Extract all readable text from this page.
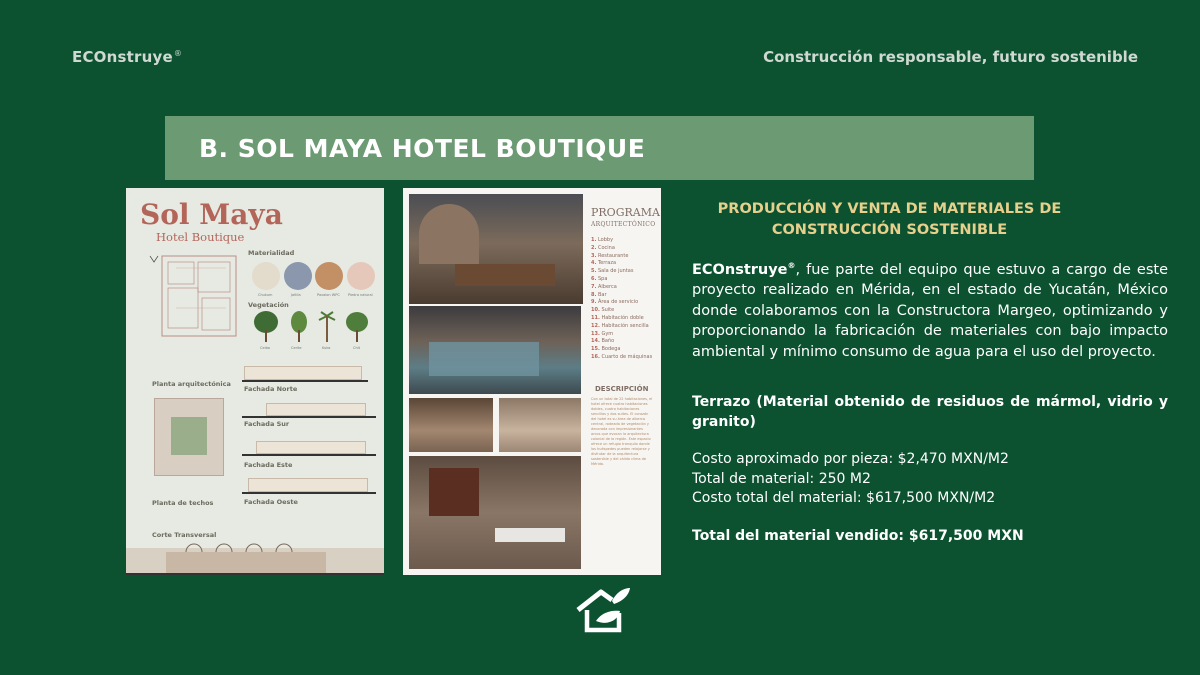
ECOnstruye®	Construcción responsable, futuro sostenible
B. SOL MAYA HOTEL BOUTIQUE
Sol Maya
Hotel Boutique
Materialidad
Chukum	Jaltila	Pavalon WPC Piedra natural
Vegetación
Ceiba	Cerite	Kuka	Chit
Planta arquitectónica
Planta de techos
Fachada Norte
Fachada Sur
Fachada Este
Fachada Oeste
Corte Transversal
PROGRAMA
ARQUITECTÓNICO
1. Lobby
2. Cocina
3. Restaurante
4. Terraza
5. Sala de juntas
6. Spa
7. Alberca
8. Bar
9. Área de servicio
10. Suite
11. Habitación doble
12. Habitación sencilla
13. Gym
14. Baño
15. Bodega
16. Cuarto de máquinas
DESCRIPCIÓN
Con un total de 22 habitaciones, el hotel ofrece cuatro habitaciones dobles, cuatro habitaciones sencillas y dos suites. El corazón del hotel es su área de alberca central, rodeada de vegetación y decorada con impresionantes arcos que evocan la arquitectura colonial de la región. Este espacio ofrece un refugio tranquilo donde los huéspedes pueden relajarse y disfrutar de la arquitectura sostenible y del cálido clima de Mérida.
PRODUCCIÓN Y VENTA DE MATERIALES DE CONSTRUCCIÓN SOSTENIBLE
ECOnstruye®, fue parte del equipo que estuvo a cargo de este proyecto realizado en Mérida, en el estado de Yucatán, México donde colaboramos con la Constructora Margeo, optimizando y proporcionando la fabricación de materiales con bajo impacto ambiental y mínimo consumo de agua para el uso del proyecto.
Terrazo (Material obtenido de residuos de mármol, vidrio y granito)
Costo aproximado por pieza: $2,470 MXN/M2
Total de material: 250 M2
Costo total del material: $617,500 MXN/M2
Total del material vendido: $617,500 MXN
